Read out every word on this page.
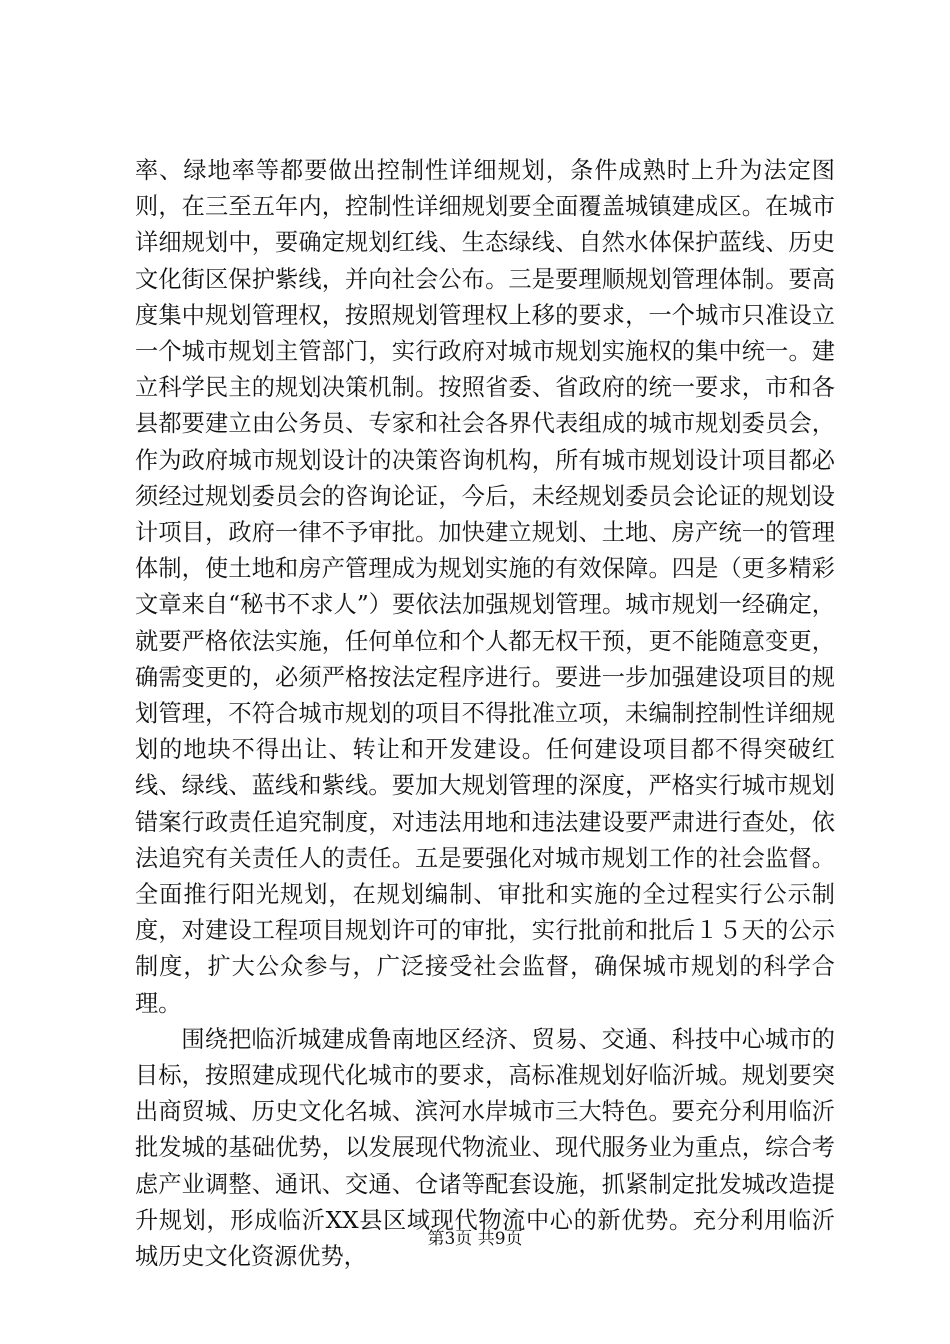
率、绿地率等都要做出控制性详细规划，条件成熟时上升为法定图则，在三至五年内，控制性详细规划要全面覆盖城镇建成区。在城市详细规划中，要确定规划红线、生态绿线、自然水体保护蓝线、历史文化街区保护紫线，并向社会公布。三是要理顺规划管理体制。要高度集中规划管理权，按照规划管理权上移的要求，一个城市只准设立一个城市规划主管部门，实行政府对城市规划实施权的集中统一。建立科学民主的规划决策机制。按照省委、省政府的统一要求，市和各县都要建立由公务员、专家和社会各界代表组成的城市规划委员会，作为政府城市规划设计的决策咨询机构，所有城市规划设计项目都必须经过规划委员会的咨询论证，今后，未经规划委员会论证的规划设计项目，政府一律不予审批。加快建立规划、土地、房产统一的管理体制，使土地和房产管理成为规划实施的有效保障。四是（更多精彩文章来自“秘书不求人”）要依法加强规划管理。城市规划一经确定，就要严格依法实施，任何单位和个人都无权干预，更不能随意变更，确需变更的，必须严格按法定程序进行。要进一步加强建设项目的规划管理，不符合城市规划的项目不得批准立项，未编制控制性详细规划的地块不得出让、转让和开发建设。任何建设项目都不得突破红线、绿线、蓝线和紫线。要加大规划管理的深度，严格实行城市规划错案行政责任追究制度，对违法用地和违法建设要严肃进行查处，依法追究有关责任人的责任。五是要强化对城市规划工作的社会监督。全面推行阳光规划，在规划编制、审批和实施的全过程实行公示制度，对建设工程项目规划许可的审批，实行批前和批后１５天的公示制度，扩大公众参与，广泛接受社会监督，确保城市规划的科学合理。

围绕把临沂城建成鲁南地区经济、贸易、交通、科技中心城市的目标，按照建成现代化城市的要求，高标准规划好临沂城。规划要突出商贸城、历史文化名城、滨河水岸城市三大特色。要充分利用临沂批发城的基础优势，以发展现代物流业、现代服务业为重点，综合考虑产业调整、通讯、交通、仓诸等配套设施，抓紧制定批发城改造提升规划，形成临沂XX县区域现代物流中心的新优势。充分利用临沂城历史文化资源优势，

第3页 共9页
